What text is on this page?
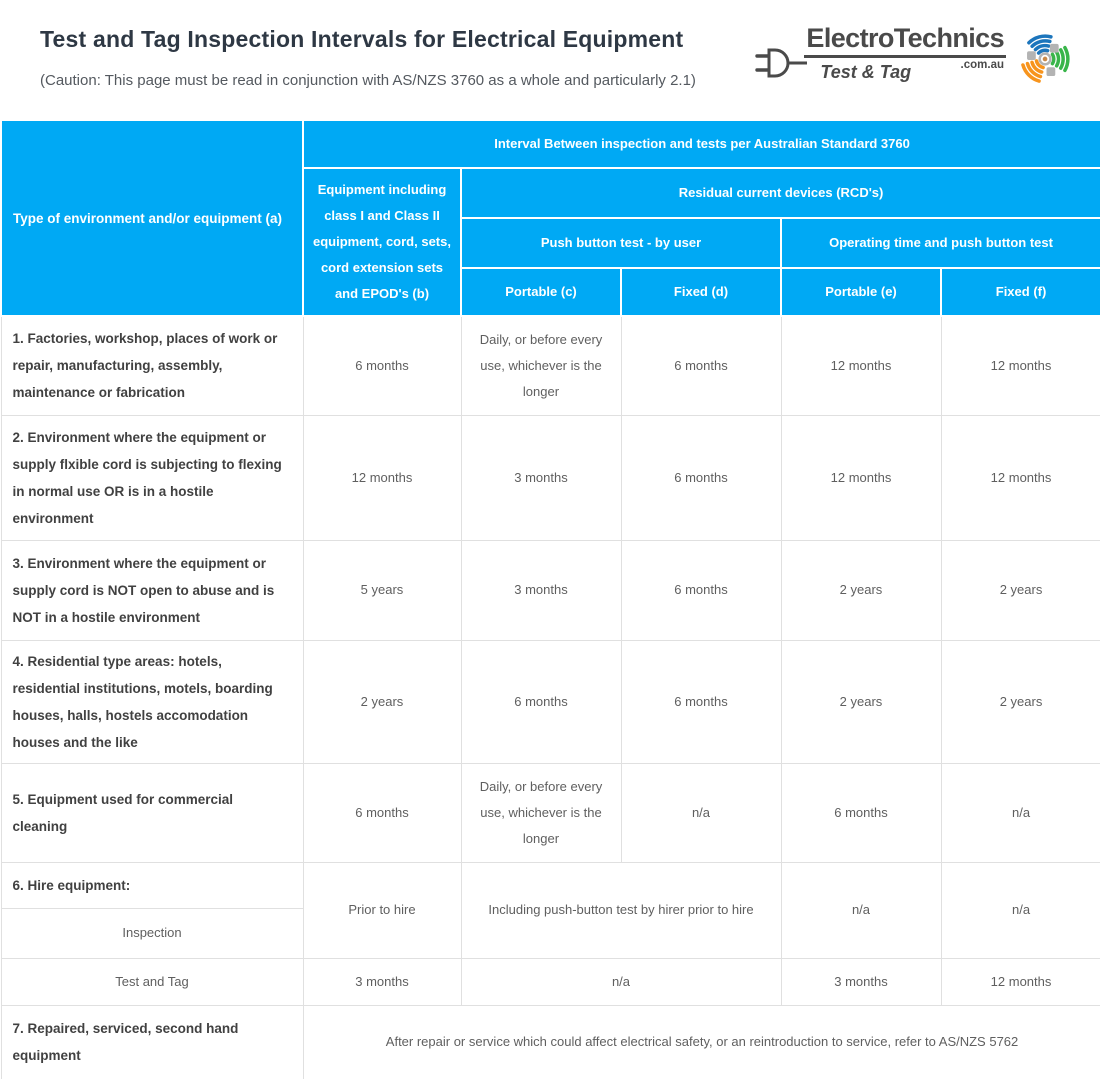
Test and Tag Inspection Intervals for Electrical Equipment
(Caution: This page must be read in conjunction with AS/NZS 3760 as a whole and particularly 2.1)
ElectroTechnics
Test & Tag	.com.au
Type of environment and/or equipment (a)	Interval Between inspection and tests per Australian Standard 3760				
	Equipment including class I and Class II equipment, cord, sets, cord extension sets and EPOD's (b)	Residual current devices (RCD's)			
		Push button test - by user		Operating time and push button test	
		Portable (c)	Fixed (d)	Portable (e)	Fixed (f)
1. Factories, workshop, places of work or repair, manufacturing, assembly, maintenance or fabrication	6 months	Daily, or before every use, whichever is the longer	6 months	12 months	12 months
2. Environment where the equipment or supply flxible cord is subjecting to flexing in normal use OR is in a hostile environment	12 months	3 months	6 months	12 months	12 months
3. Environment where the equipment or supply cord is NOT open to abuse and is NOT in a hostile environment	5 years	3 months	6 months	2 years	2 years
4. Residential type areas: hotels, residential institutions, motels, boarding houses, halls, hostels accomodation houses and the like	2 years	6 months	6 months	2 years	2 years
5. Equipment used for commercial cleaning	6 months	Daily, or before every use, whichever is the longer	n/a	6 months	n/a
6. Hire equipment:	Prior to hire	Including push-button test by hirer prior to hire		n/a	n/a
Inspection					
Test and Tag	3 months	n/a		3 months	12 months
7. Repaired, serviced, second hand equipment	After repair or service which could affect electrical safety, or an reintroduction to service, refer to AS/NZS 5762				
